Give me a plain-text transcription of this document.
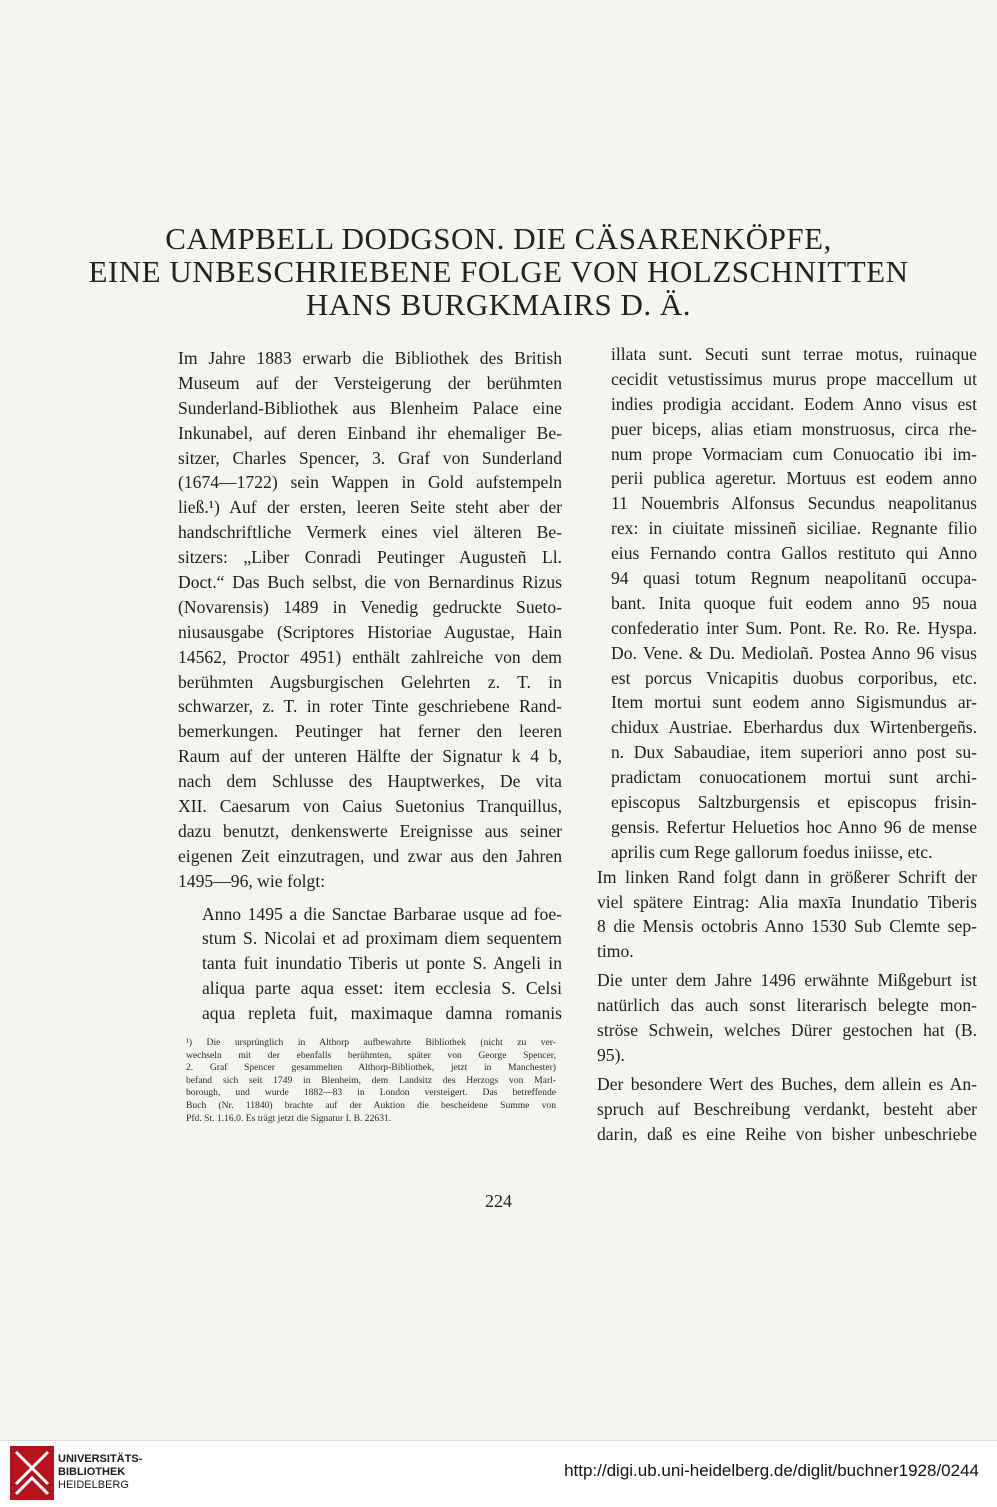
CAMPBELL DODGSON. DIE CÄSARENKÖPFE,
EINE UNBESCHRIEBENE FOLGE VON HOLZSCHNITTEN
HANS BURGKMAIRS D. Ä.
Im Jahre 1883 erwarb die Bibliothek des British
Museum auf der Versteigerung der berühmten
Sunderland-Bibliothek aus Blenheim Palace eine
Inkunabel, auf deren Einband ihr ehemaliger Be-
sitzer, Charles Spencer, 3. Graf von Sunderland
(1674—1722) sein Wappen in Gold aufstempeln
ließ.¹) Auf der ersten, leeren Seite steht aber der
handschriftliche Vermerk eines viel älteren Be-
sitzers: „Liber Conradi Peutinger Augusteñ Ll.
Doct.“ Das Buch selbst, die von Bernardinus Rizus
(Novarensis) 1489 in Venedig gedruckte Sueto-
niusausgabe (Scriptores Historiae Augustae, Hain
14562, Proctor 4951) enthält zahlreiche von dem
berühmten Augsburgischen Gelehrten z. T. in
schwarzer, z. T. in roter Tinte geschriebene Rand-
bemerkungen. Peutinger hat ferner den leeren
Raum auf der unteren Hälfte der Signatur k 4 b,
nach dem Schlusse des Hauptwerkes, De vita
XII. Caesarum von Caius Suetonius Tranquillus,
dazu benutzt, denkenswerte Ereignisse aus seiner
eigenen Zeit einzutragen, und zwar aus den Jahren
1495—96, wie folgt:
Anno 1495 a die Sanctae Barbarae usque ad foe-
stum S. Nicolai et ad proximam diem sequentem
tanta fuit inundatio Tiberis ut ponte S. Angeli in
aliqua parte aqua esset: item ecclesia S. Celsi
aqua repleta fuit, maximaque damna romanis
¹) Die ursprünglich in Althorp aufbewahrte Bibliothek (nicht zu ver-
wechseln mit der ebenfalls berühmten, später von George Spencer,
2. Graf Spencer gesammelten Althorp-Bibliothek, jetzt in Manchester)
befand sich seit 1749 in Blenheim, dem Landsitz des Herzogs von Marl-
borough, und wurde 1882—83 in London versteigert. Das betreffende
Buch (Nr. 11840) brachte auf der Auktion die bescheidene Summe von
Pfd. St. 1.16.0. Es trägt jetzt die Signatur I. B. 22631.
illata sunt. Secuti sunt terrae motus, ruinaque
cecidit vetustissimus murus prope maccellum ut
indies prodigia accidant. Eodem Anno visus est
puer biceps, alias etiam monstruosus, circa rhe-
num prope Vormaciam cum Conuocatio ibi im-
perii publica ageretur. Mortuus est eodem anno
11 Nouembris Alfonsus Secundus neapolitanus
rex: in ciuitate missineñ siciliae. Regnante filio
eius Fernando contra Gallos restituto qui Anno
94 quasi totum Regnum neapolitanū occupa-
bant. Inita quoque fuit eodem anno 95 noua
confederatio inter Sum. Pont. Re. Ro. Re. Hyspa.
Do. Vene. & Du. Mediolañ. Postea Anno 96 visus
est porcus Vnicapitis duobus corporibus, etc.
Item mortui sunt eodem anno Sigismundus ar-
chidux Austriae. Eberhardus dux Wirtenbergeñs.
n. Dux Sabaudiae, item superiori anno post su-
pradictam conuocationem mortui sunt archi-
episcopus Saltzburgensis et episcopus frisin-
gensis. Refertur Heluetios hoc Anno 96 de mense
aprilis cum Rege gallorum foedus iniisse, etc.
Im linken Rand folgt dann in größerer Schrift der
viel spätere Eintrag: Alia maxīa Inundatio Tiberis
8 die Mensis octobris Anno 1530 Sub Clemte sep-
timo.
Die unter dem Jahre 1496 erwähnte Mißgeburt ist
natürlich das auch sonst literarisch belegte mon-
ströse Schwein, welches Dürer gestochen hat (B.
95).
Der besondere Wert des Buches, dem allein es An-
spruch auf Beschreibung verdankt, besteht aber
darin, daß es eine Reihe von bisher unbeschriebe
224
UNIVERSITÄTS-
BIBLIOTHEK
HEIDELBERG
http://digi.ub.uni-heidelberg.de/diglit/buchner1928/0244
